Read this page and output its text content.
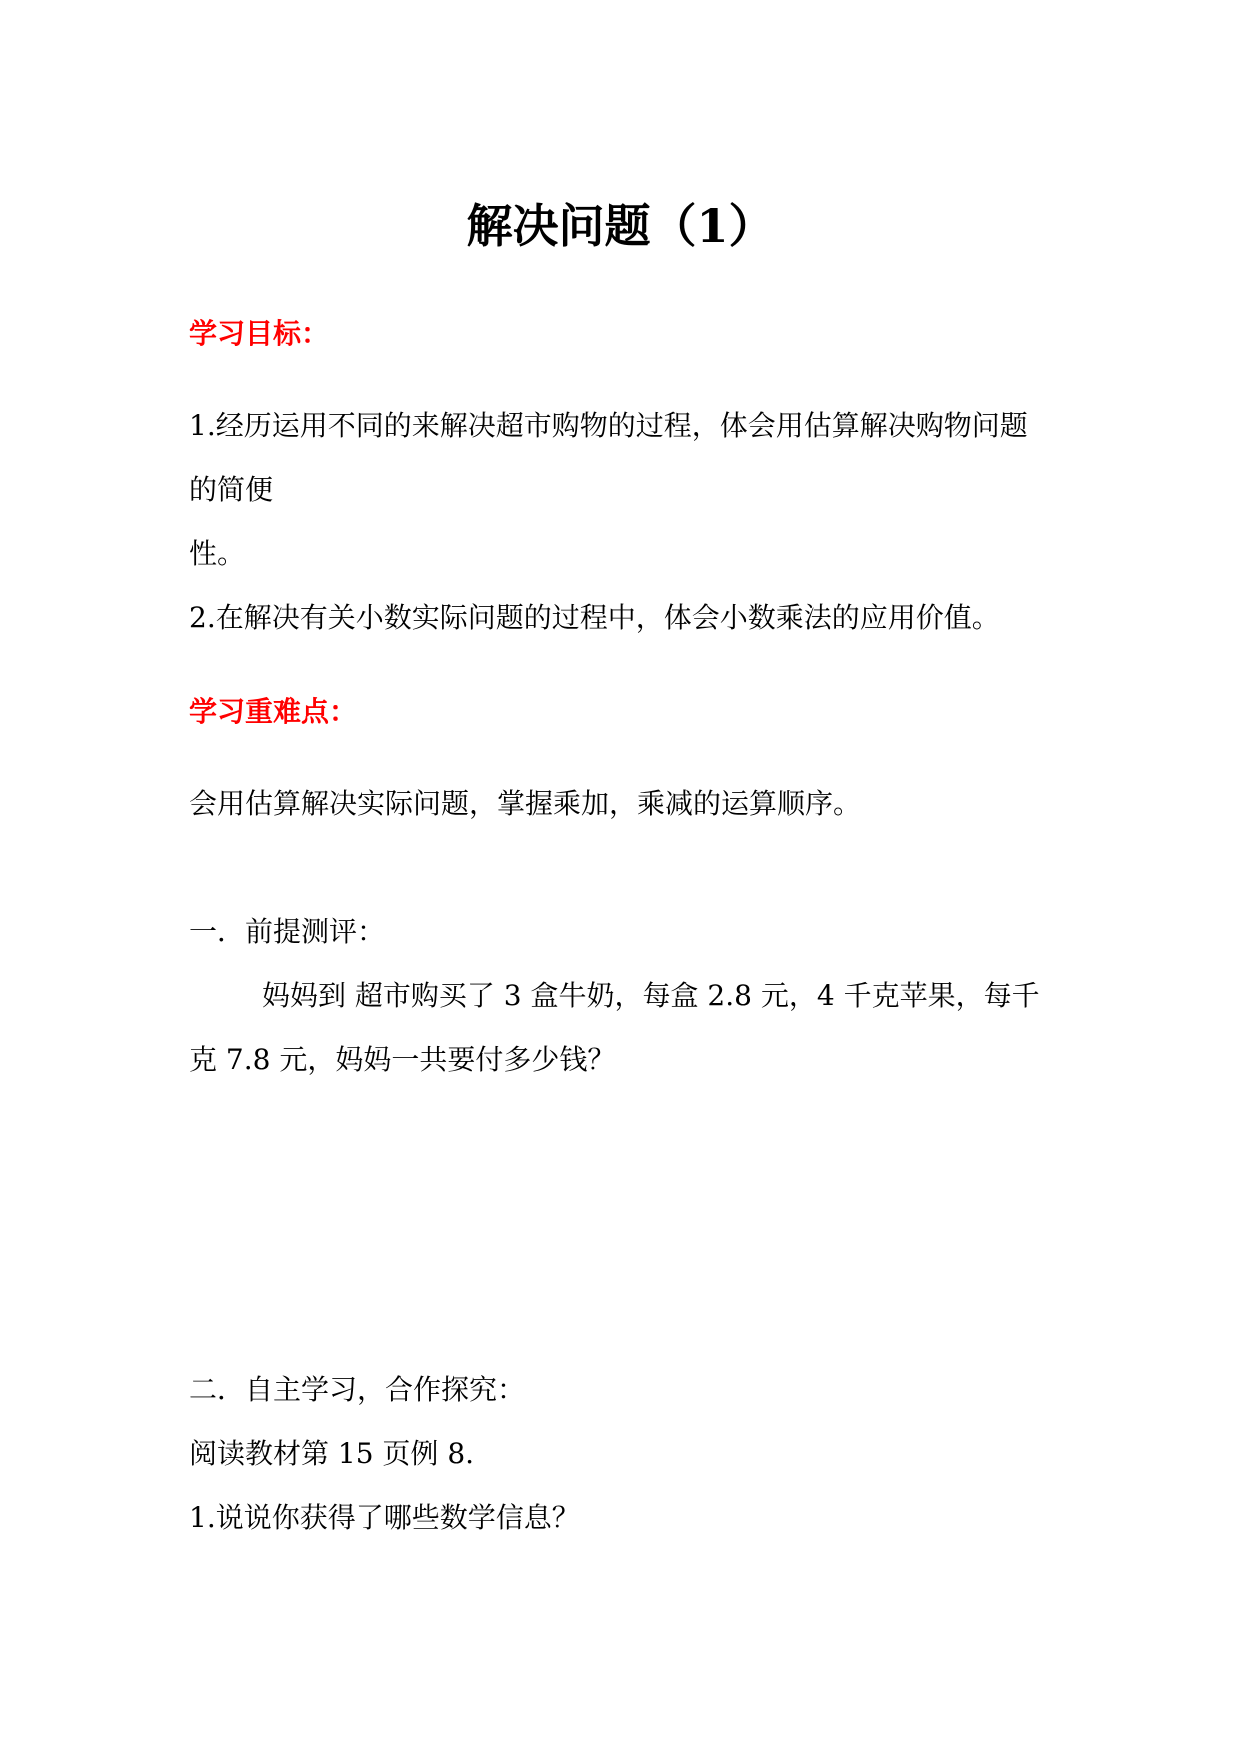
解决问题（1）
学习目标：
1.经历运用不同的来解决超市购物的过程，体会用估算解决购物问题
的简便
性。
2.在解决有关小数实际问题的过程中，体会小数乘法的应用价值。
学习重难点：
会用估算解决实际问题，掌握乘加，乘减的运算顺序。
一．前提测评：
妈妈到 超市购买了 3 盒牛奶，每盒 2.8 元，4 千克苹果，每千
克 7.8 元，妈妈一共要付多少钱？
二．自主学习，合作探究：
阅读教材第 15 页例 8.
1.说说你获得了哪些数学信息？
